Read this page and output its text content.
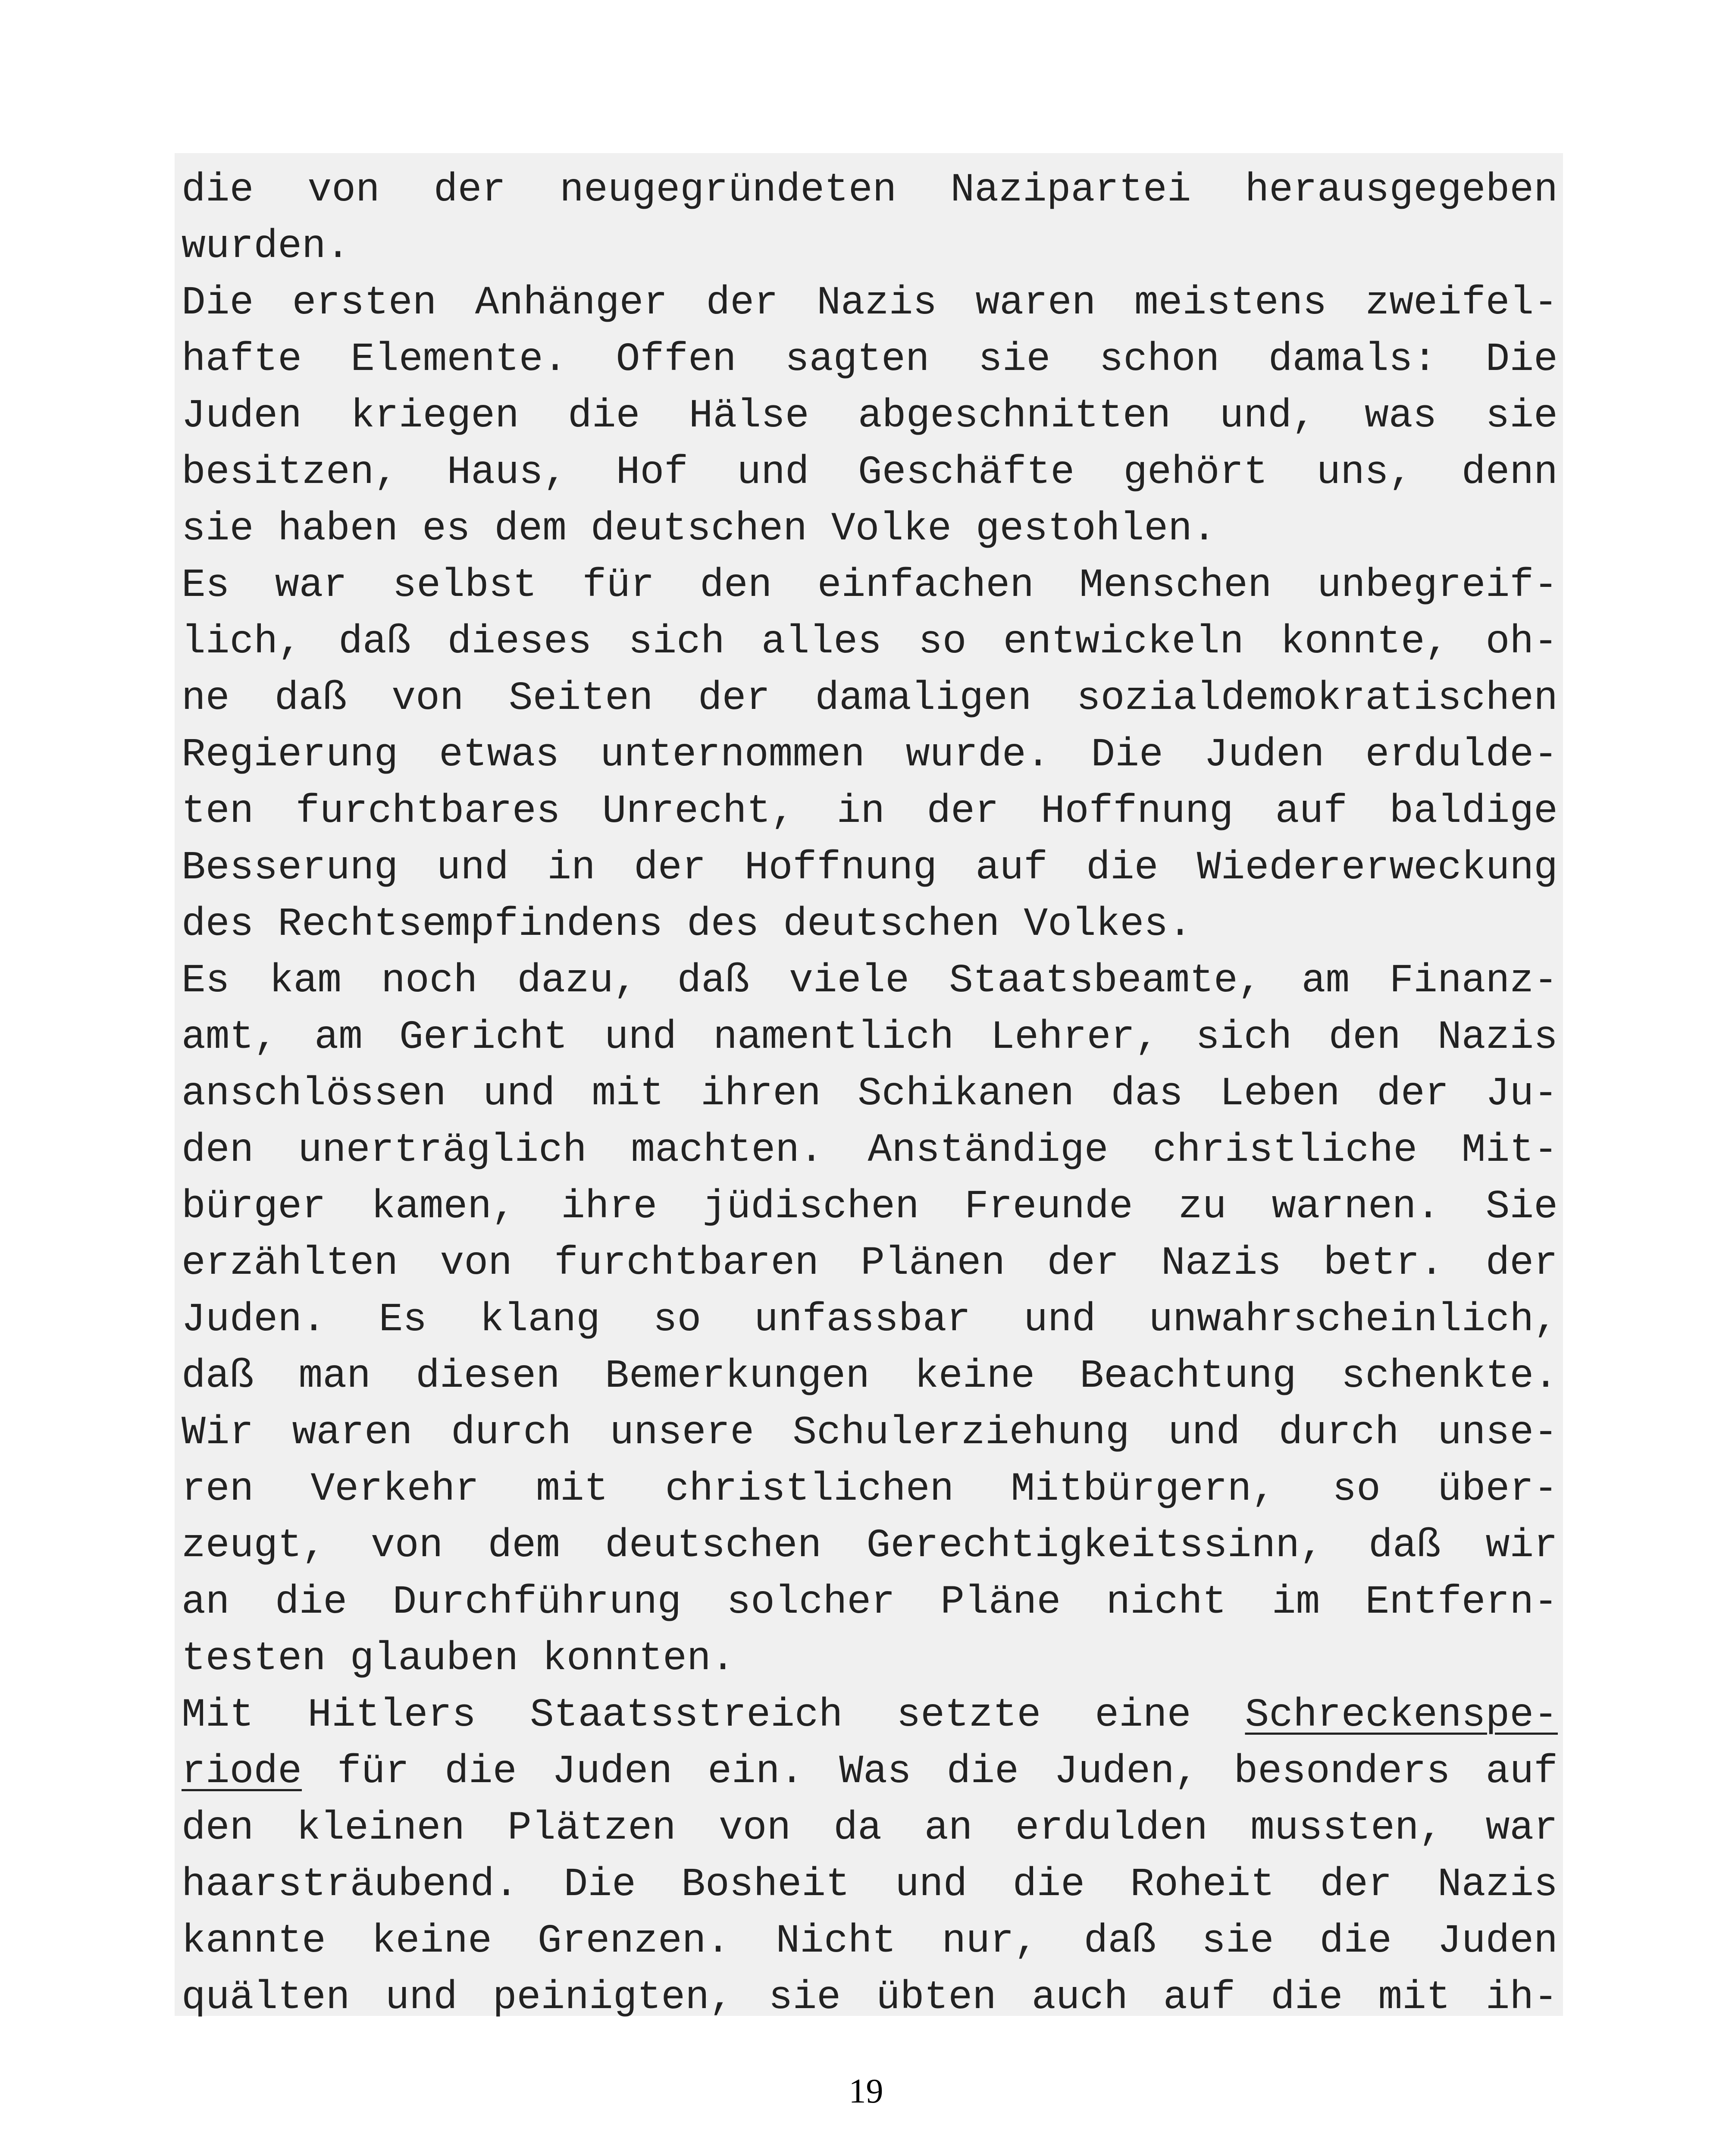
die von der neugegründeten Nazipartei herausgegeben
wurden.
Die ersten Anhänger der Nazis waren meistens zweifel-
hafte Elemente. Offen sagten sie schon damals: Die
Juden kriegen die Hälse abgeschnitten und, was sie
besitzen, Haus, Hof und Geschäfte gehört uns, denn
sie haben es dem deutschen Volke gestohlen.
Es war selbst für den einfachen Menschen unbegreif-
lich, daß dieses sich alles so entwickeln konnte, oh-
ne daß von Seiten der damaligen sozialdemokratischen
Regierung etwas unternommen wurde. Die Juden erdulde-
ten furchtbares Unrecht, in der Hoffnung auf baldige
Besserung und in der Hoffnung auf die Wiedererweckung
des Rechtsempfindens des deutschen Volkes.
Es kam noch dazu, daß viele Staatsbeamte, am Finanz-
amt, am Gericht und namentlich Lehrer, sich den Nazis
anschlössen und mit ihren Schikanen das Leben der Ju-
den unerträglich machten. Anständige christliche Mit-
bürger kamen, ihre jüdischen Freunde zu warnen. Sie
erzählten von furchtbaren Plänen der Nazis betr. der
Juden. Es klang so unfassbar und unwahrscheinlich,
daß man diesen Bemerkungen keine Beachtung schenkte.
Wir waren durch unsere Schulerziehung und durch unse-
ren Verkehr mit christlichen Mitbürgern, so über-
zeugt, von dem deutschen Gerechtigkeitssinn, daß wir
an die Durchführung solcher Pläne nicht im Entfern-
testen glauben konnten.
Mit Hitlers Staatsstreich setzte eine Schreckenspe-
riode für die Juden ein. Was die Juden, besonders auf
den kleinen Plätzen von da an erdulden mussten, war
haarsträubend. Die Bosheit und die Roheit der Nazis
kannte keine Grenzen. Nicht nur, daß sie die Juden
quälten und peinigten, sie übten auch auf die mit ih-
19
